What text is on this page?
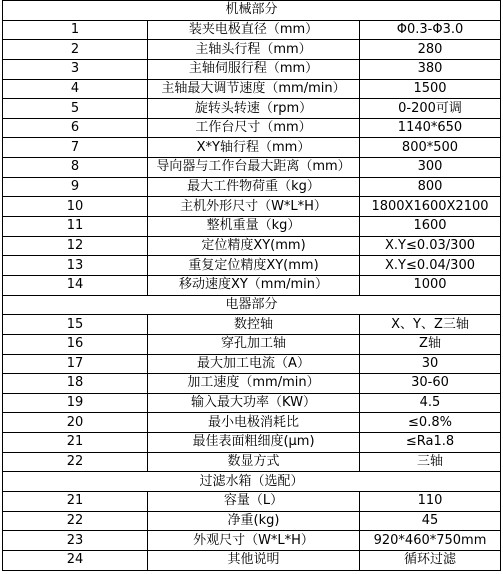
机械部分		
1	装夹电极直径（mm）	Φ0.3-Φ3.0
2	主轴头行程（mm）	280
3	主轴伺服行程（mm）	380
4	主轴最大调节速度（mm/min）	1500
5	旋转头转速（rpm）	0-200可调
6	工作台尺寸（mm）	1140*650
7	X*Y轴行程（mm）	800*500
8	导向器与工作台最大距离（mm）	300
9	最大工件物荷重（kg）	800
10	主机外形尺寸（W*L*H）	1800X1600X2100
11	整机重量（kg）	1600
12	定位精度XY(mm)	X.Y≤0.03/300
13	重复定位精度XY(mm)	X.Y≤0.04/300
14	移动速度XY（mm/min）	1000
电器部分		
15	数控轴	X、Y、Z三轴
16	穿孔加工轴	Z轴
17	最大加工电流（A）	30
18	加工速度（mm/min）	30-60
19	输入最大功率（KW）	4.5
20	最小电极消耗比	≤0.8%
21	最佳表面粗细度(μm)	≤Ra1.8
22	数显方式	三轴
过滤水箱（选配）		
21	容量（L）	110
22	净重(kg)	45
23	外观尺寸（W*L*H）	920*460*750mm
24	其他说明	循环过滤
